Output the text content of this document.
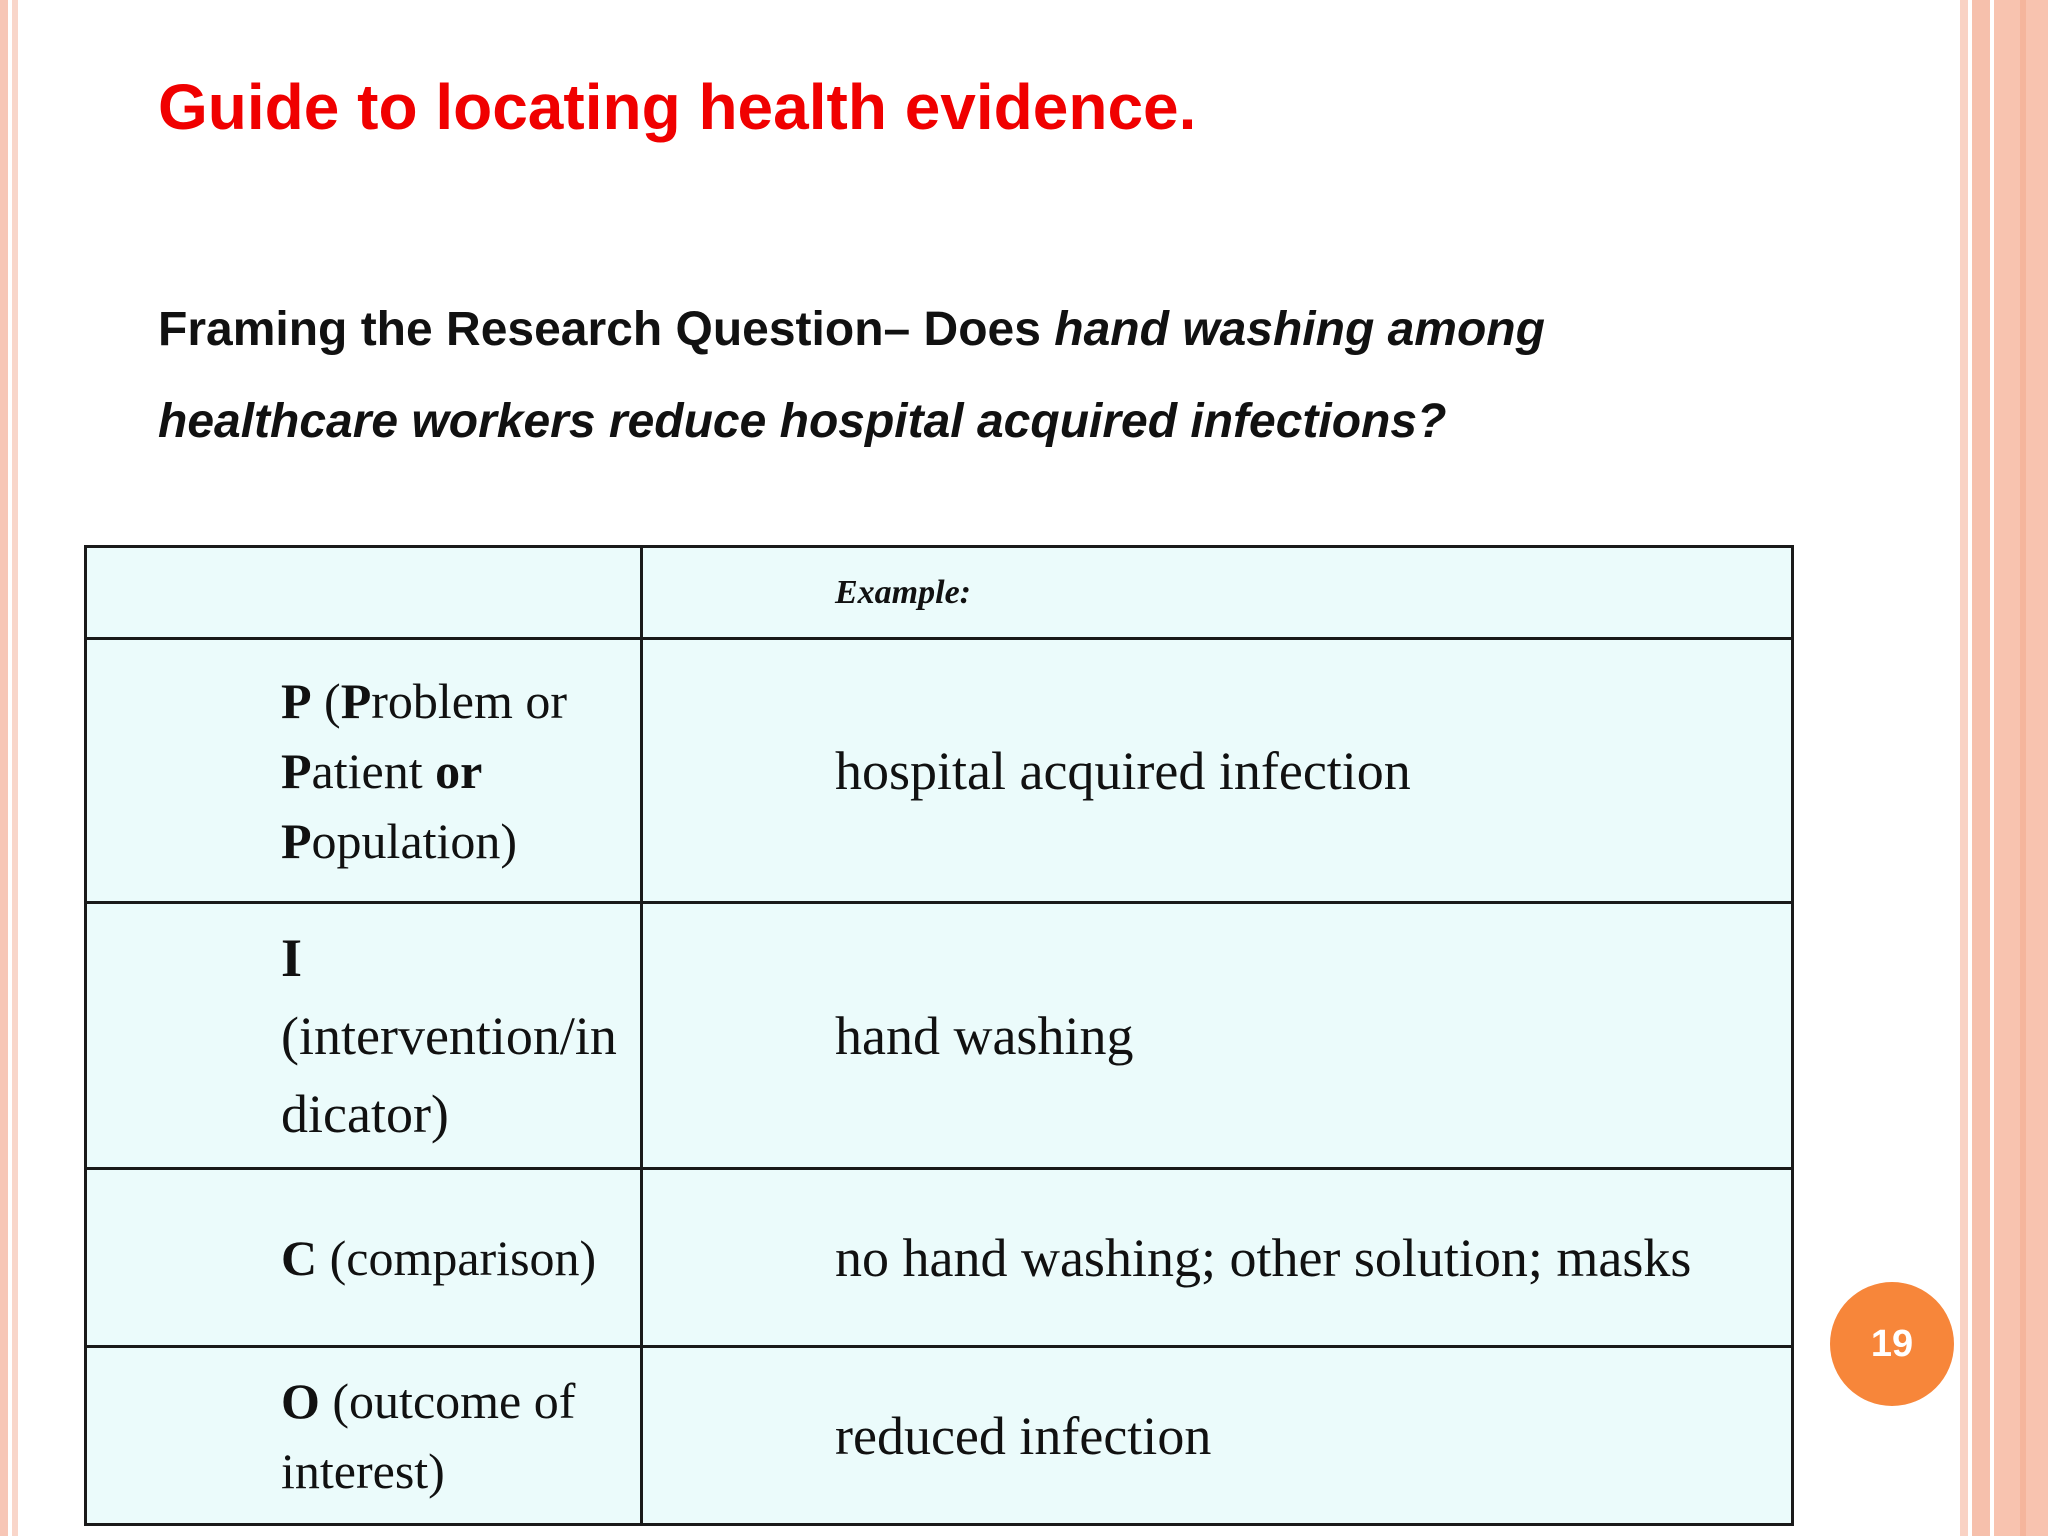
Guide to locating health evidence.

Framing the Research Question– Does hand washing among healthcare workers reduce hospital acquired infections?

	Example:

P (Problem or
Patient or
Population)	hospital acquired infection

I
(intervention/in
dicator)	hand washing

C (comparison)	no hand washing; other solution; masks

O (outcome of interest)	reduced infection
19
